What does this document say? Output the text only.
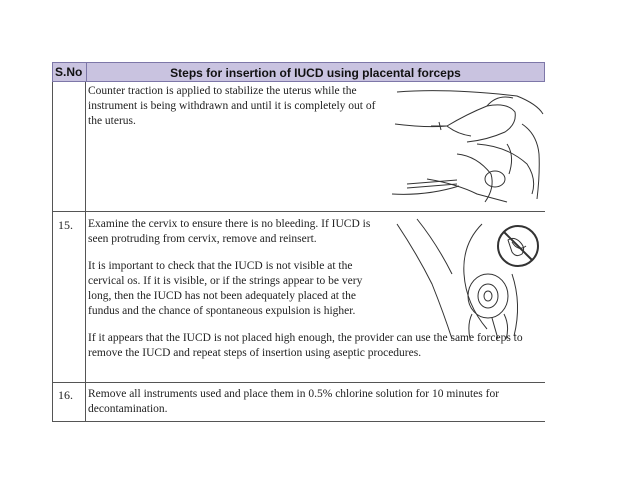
S.No	Steps for insertion of IUCD using placental forceps
Counter traction is applied to stabilize the uterus while the instrument is being withdrawn and until it is completely out of the uterus.
15. Examine the cervix to ensure there is no bleeding. If IUCD is seen protruding from cervix, remove and reinsert.
It is important to check that the IUCD is not visible at the cervical os. If it is visible, or if the strings appear to be very long, then the IUCD has not been adequately placed at the fundus and the chance of spontaneous expulsion is higher.
If it appears that the IUCD is not placed high enough, the provider can use the same forceps to remove the IUCD and repeat steps of insertion using aseptic procedures.
16. Remove all instruments used and place them in 0.5% chlorine solution for 10 minutes for decontamination.
